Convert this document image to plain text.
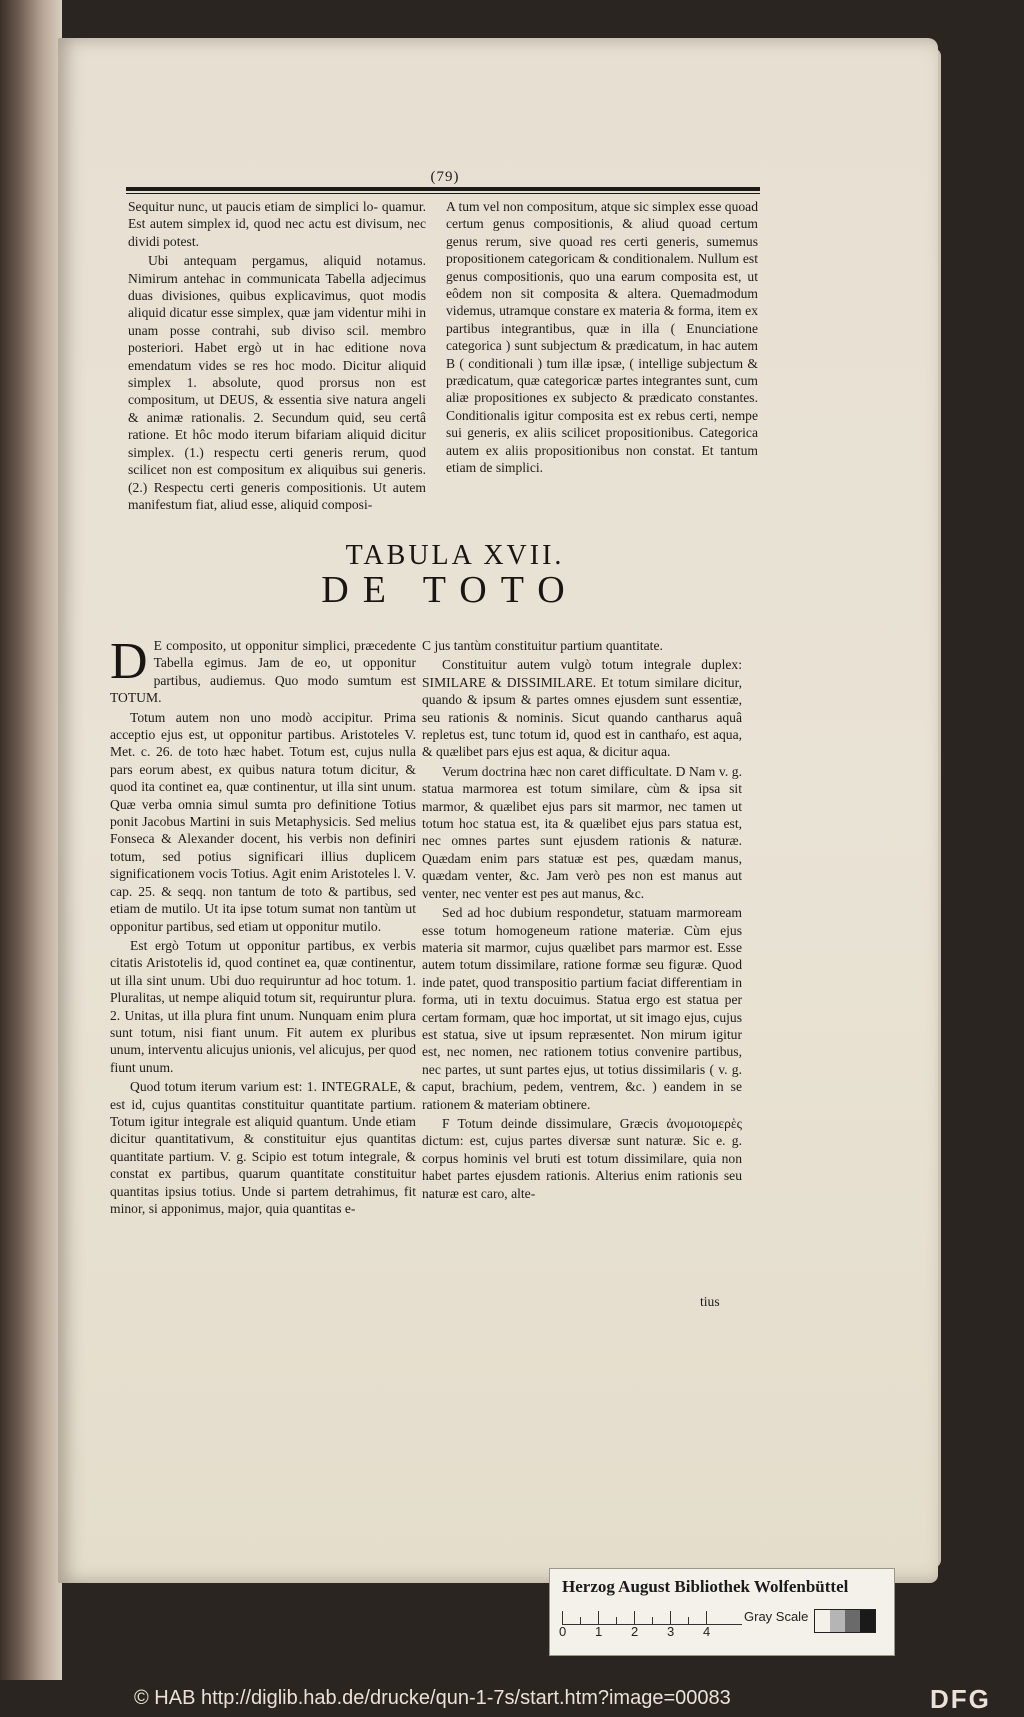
(79)

Sequitur nunc, ut paucis etiam de simplici lo- quamur. Est autem simplex id, quod nec actu est divisum, nec dividi potest.

Ubi antequam pergamus, aliquid notamus. Nimirum antehac in communicata Tabella adjecimus duas divisiones, quibus explicavimus, quot modis aliquid dicatur esse simplex, quæ jam videntur mihi in unam posse contrahi, sub diviso scil. membro posteriori. Habet ergò ut in hac editione nova emendatum vides se res hoc modo. Dicitur aliquid simplex 1. absolute, quod prorsus non est compositum, ut DEUS, & essentia sive natura angeli & animæ rationalis. 2. Secundum quid, seu certâ ratione. Et hôc modo iterum bifariam aliquid dicitur simplex. (1.) respectu certi generis rerum, quod scilicet non est compositum ex aliquibus sui generis. (2.) Respectu certi generis compositionis. Ut autem manifestum fiat, aliud esse, aliquid composi-

A tum vel non compositum, atque sic simplex esse quoad certum genus compositionis, & aliud quoad certum genus rerum, sive quoad res certi generis, sumemus propositionem categoricam & conditionalem. Nullum est genus compositionis, quo una earum composita est, ut eôdem non sit composita & altera. Quemadmodum videmus, utramque constare ex materia & forma, item ex partibus integrantibus, quæ in illa ( Enunciatione categorica ) sunt subjectum & prædicatum, in hac autem B ( conditionali ) tum illæ ipsæ, ( intellige subjectum & prædicatum, quæ categoricæ partes integrantes sunt, cum aliæ propositiones ex subjecto & prædicato constantes. Conditionalis igitur composita est ex rebus certi, nempe sui generis, ex aliis scilicet propositionibus. Categorica autem ex aliis propositionibus non constat. Et tantum etiam de simplici.

TABULA XVII.
DE TOTO

D E composito, ut opponitur simplici, præcedente Tabella egimus. Jam de eo, ut opponitur partibus, audiemus. Quo modo sumtum est TOTUM.

Totum autem non uno modò accipitur. Prima acceptio ejus est, ut opponitur partibus. Aristoteles V. Met. c. 26. de toto hæc habet. Totum est, cujus nulla pars eorum abest, ex quibus natura totum dicitur, & quod ita continet ea, quæ continentur, ut illa sint unum. Quæ verba omnia simul sumta pro definitione Totius ponit Jacobus Martini in suis Metaphysicis. Sed melius Fonseca & Alexander docent, his verbis non definiri totum, sed potius significari illius duplicem significationem vocis Totius. Agit enim Aristoteles l. V. cap. 25. & seqq. non tantum de toto & partibus, sed etiam de mutilo. Ut ita ipse totum sumat non tantùm ut opponitur partibus, sed etiam ut opponitur mutilo.

Est ergò Totum ut opponitur partibus, ex verbis citatis Aristotelis id, quod continet ea, quæ continentur, ut illa sint unum. Ubi duo requiruntur ad hoc totum. 1. Pluralitas, ut nempe aliquid totum sit, requiruntur plura. 2. Unitas, ut illa plura fint unum. Nunquam enim plura sunt totum, nisi fiant unum. Fit autem ex pluribus unum, interventu alicujus unionis, vel alicujus, per quod fiunt unum.

Quod totum iterum varium est: 1. INTEGRALE, & est id, cujus quantitas constituitur quantitate partium. Totum igitur integrale est aliquid quantum. Unde etiam dicitur quantitativum, & constituitur ejus quantitas quantitate partium. V. g. Scipio est totum integrale, & constat ex partibus, quarum quantitate constituitur quantitas ipsius totius. Unde si partem detrahimus, fit minor, si apponimus, major, quia quantitas e-

C jus tantùm constituitur partium quantitate.

Constituitur autem vulgò totum integrale duplex: SIMILARE & DISSIMILARE. Et totum similare dicitur, quando & ipsum & partes omnes ejusdem sunt essentiæ, seu rationis & nominis. Sicut quando cantharus aquâ repletus est, tunc totum id, quod est in canthaŕo, est aqua, & quælibet pars ejus est aqua, & dicitur aqua.

Verum doctrina hæc non caret difficultate. D Nam v. g. statua marmorea est totum similare, cùm & ipsa sit marmor, & quælibet ejus pars sit marmor, nec tamen ut totum hoc statua est, ita & quælibet ejus pars statua est, nec omnes partes sunt ejusdem rationis & naturæ. Quædam enim pars statuæ est pes, quædam manus, quædam venter, &c. Jam verò pes non est manus aut venter, nec venter est pes aut manus, &c.

Sed ad hoc dubium respondetur, statuam marmoream esse totum homogeneum ratione materiæ. Cùm ejus materia sit marmor, cujus quælibet pars marmor est. Esse autem totum dissimilare, ratione formæ seu figuræ. Quod inde patet, quod transpositio partium faciat differentiam in forma, uti in textu docuimus. Statua ergo est statua per certam formam, quæ hoc importat, ut sit imago ejus, cujus est statua, sive ut ipsum repræsentet. Non mirum igitur est, nec nomen, nec rationem totius convenire partibus, nec partes, ut sunt partes ejus, ut totius dissimilaris ( v. g. caput, brachium, pedem, ventrem, &c. ) eandem in se rationem & materiam obtinere.

F Totum deinde dissimulare, Græcis ἀνομοιομερὲς dictum: est, cujus partes diversæ sunt naturæ. Sic e. g. corpus hominis vel bruti est totum dissimilare, quia non habet partes ejusdem rationis. Alterius enim rationis seu naturæ est caro, alte-

tius
Herzog August Bibliothek Wolfenbüttel
0 1 2 3 4
Gray Scale
© HAB http://diglib.hab.de/drucke/qun-1-7s/start.htm?image=00083	DFG
